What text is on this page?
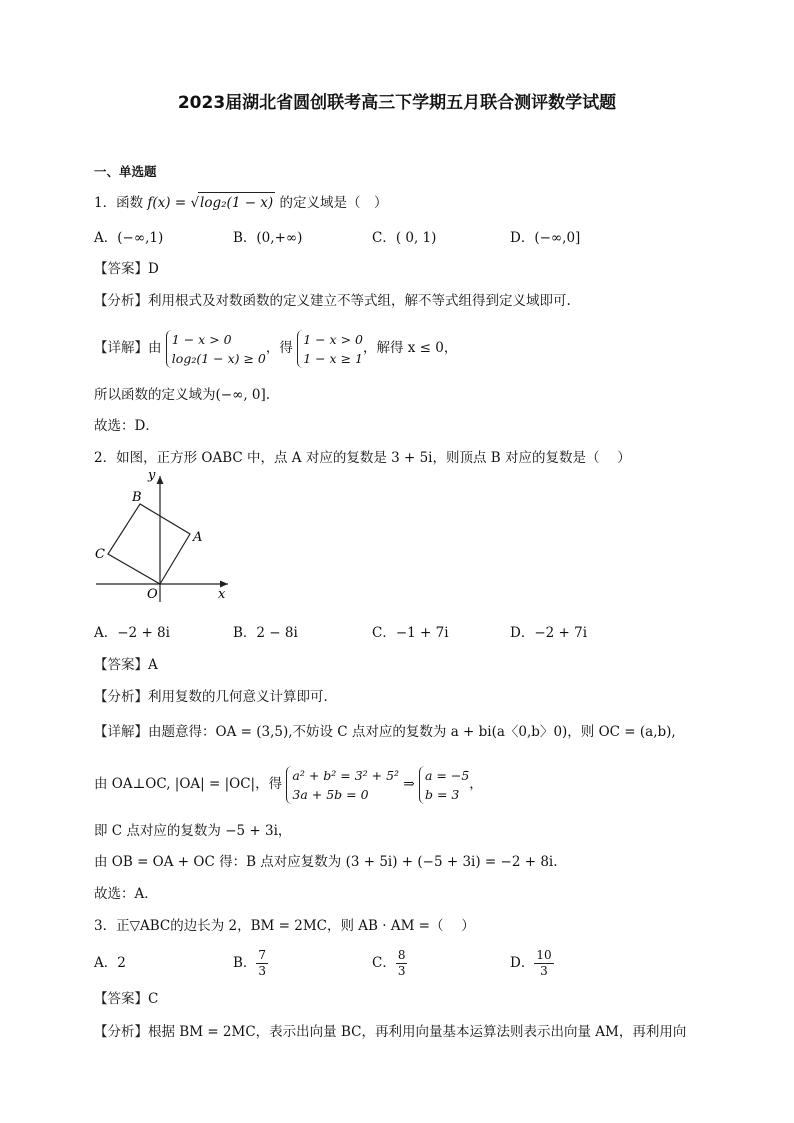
2023届湖北省圆创联考高三下学期五月联合测评数学试题
一、单选题
1．函数 f(x) = √log₂(1 − x) 的定义域是（　）
A．(−∞,1)	B．(0,+∞)	C．( 0, 1)	D．(−∞,0]
【答案】D
【分析】利用根式及对数函数的定义建立不等式组，解不等式组得到定义域即可.
【详解】由
1 − x > 0
log₂(1 − x) ≥ 0
，得
1 − x > 0
1 − x ≥ 1
，解得 x ≤ 0，
所以函数的定义域为(−∞, 0].
故选：D．
2．如图，正方形 OABC 中，点 A 对应的复数是 3 + 5i，则顶点 B 对应的复数是（　 ）
y
x
O
A
B
C
A．−2 + 8i	B．2 − 8i	C．−1 + 7i	D．−2 + 7i
【答案】A
【分析】利用复数的几何意义计算即可.
【详解】由题意得：OA = (3,5),不妨设 C 点对应的复数为 a + bi(a〈0,b〉0)，则 OC = (a,b),
由 OA⊥OC, |OA| = |OC|，得
a² + b² = 3² + 5²
3a + 5b = 0
⇒
a = −5
b = 3
，
即 C 点对应的复数为 −5 + 3i，
由 OB = OA + OC 得：B 点对应复数为 (3 + 5i) + (−5 + 3i) = −2 + 8i.
故选：A．
3．正▽ABC的边长为 2，BM = 2MC，则 AB · AM =（　 ）
A．2	B． $\frac{7}{3}$	C． $\frac{8}{3}$	D． $\frac{10}{3}$
【答案】C
【分析】根据 BM = 2MC，表示出向量 BC，再利用向量基本运算法则表示出向量 AM，再利用向
